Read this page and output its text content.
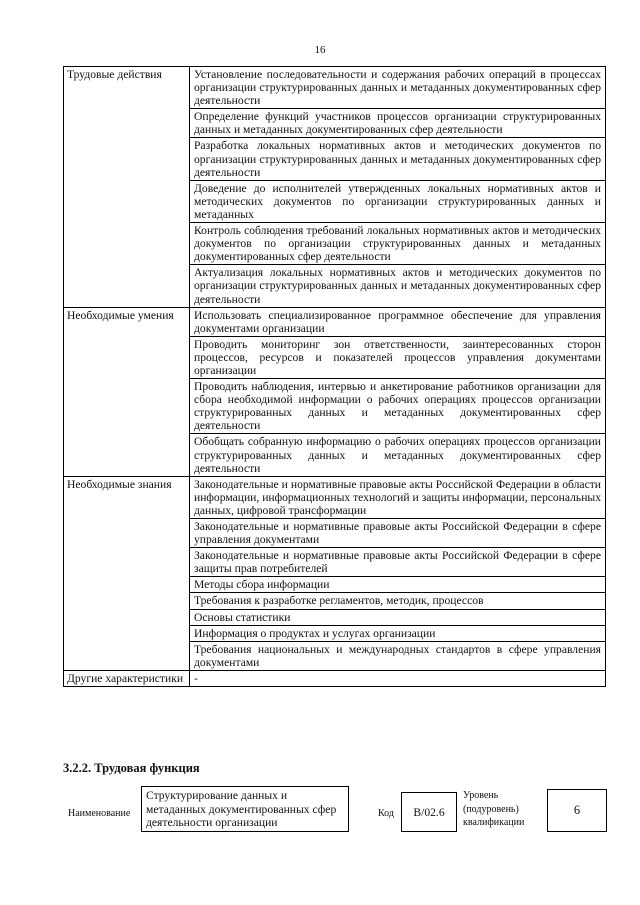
16
Трудовые действия	Установление последовательности и содержания рабочих операций в процессах организации структурированных данных и метаданных документированных сфер деятельности
	Определение функций участников процессов организации структурированных данных и метаданных документированных сфер деятельности
	Разработка локальных нормативных актов и методических документов по организации структурированных данных и метаданных документированных сфер деятельности
	Доведение до исполнителей утвержденных локальных нормативных актов и методических документов по организации структурированных данных и метаданных
	Контроль соблюдения требований локальных нормативных актов и методических документов по организации структурированных данных и метаданных документированных сфер деятельности
	Актуализация локальных нормативных актов и методических документов по организации структурированных данных и метаданных документированных сфер деятельности
Необходимые умения	Использовать специализированное программное обеспечение для управления документами организации
	Проводить мониторинг зон ответственности, заинтересованных сторон процессов, ресурсов и показателей процессов управления документами организации
	Проводить наблюдения, интервью и анкетирование работников организации для сбора необходимой информации о рабочих операциях процессов организации структурированных данных и метаданных документированных сфер деятельности
	Обобщать собранную информацию о рабочих операциях процессов организации структурированных данных и метаданных документированных сфер деятельности
Необходимые знания	Законодательные и нормативные правовые акты Российской Федерации в области информации, информационных технологий и защиты информации, персональных данных, цифровой трансформации
	Законодательные и нормативные правовые акты Российской Федерации в сфере управления документами
	Законодательные и нормативные правовые акты Российской Федерации в сфере защиты прав потребителей
	Методы сбора информации
	Требования к разработке регламентов, методик, процессов
	Основы статистики
	Информация о продуктах и услугах организации
	Требования национальных и международных стандартов в сфере управления документами
Другие характеристики	-
3.2.2. Трудовая функция
Наименование
Структурирование данных и метаданных документированных сфер деятельности организации
Код	B/02.6
Уровень
(подуровень)
квалификации
6
